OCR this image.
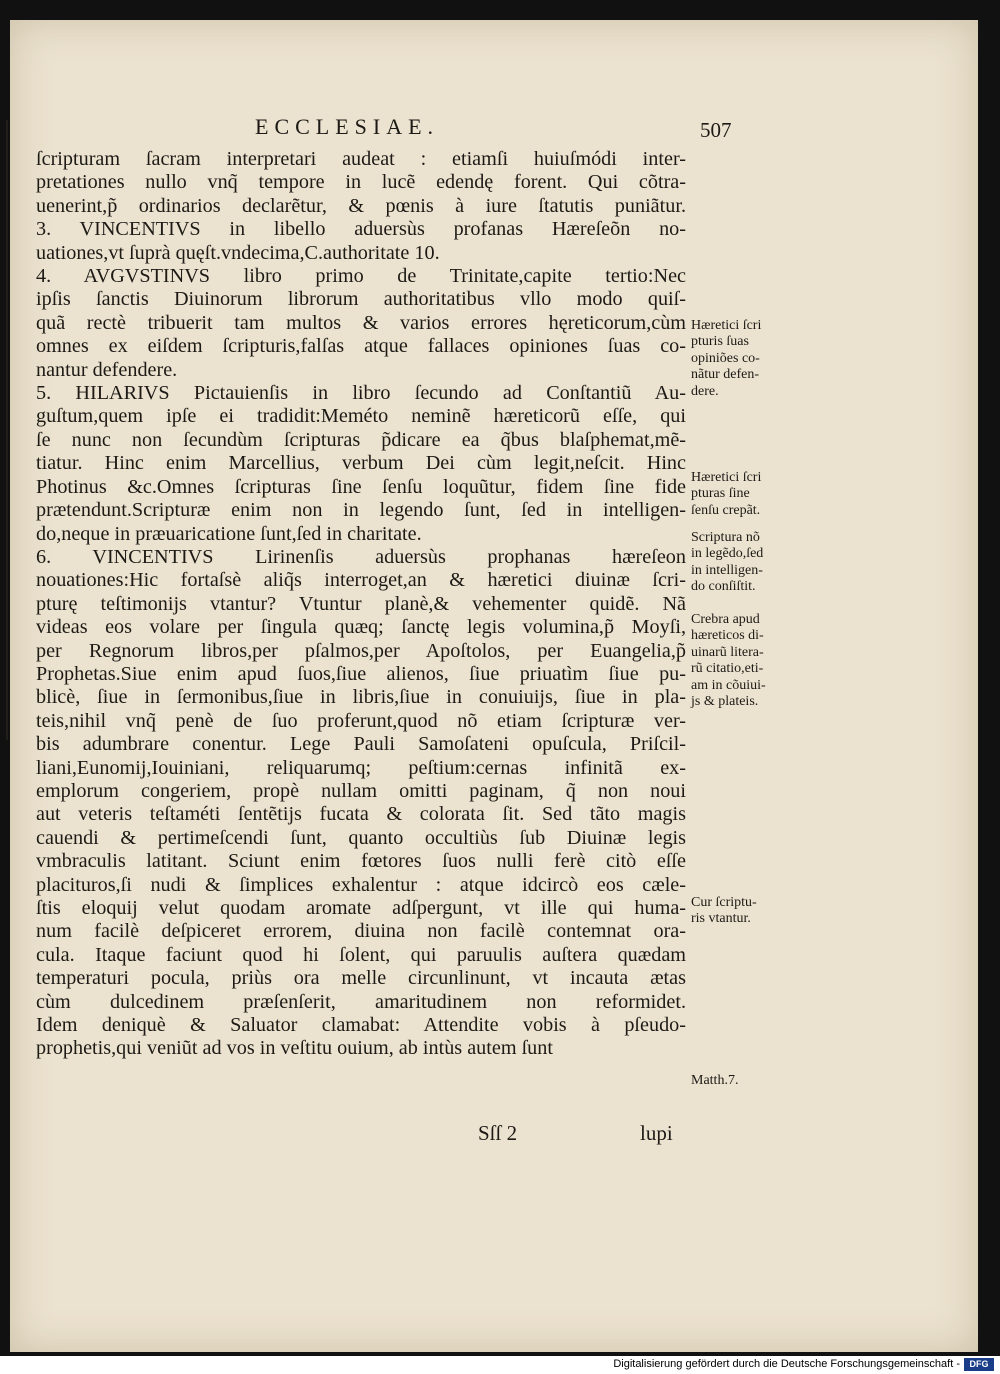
ECCLESIAE.	507
ſcripturam ſacram interpretari audeat : etiamſi huiuſmódi inter-
pretationes nullo vnq̃ tempore in lucẽ edendę forent. Qui cõtra-
uenerint,p̃ ordinarios declarẽtur, & pœnis à iure ſtatutis puniãtur.
3. VINCENTIVS in libello aduersùs profanas Hæreſeõn no-
uationes,vt ſuprà quęſt.vndecima,C.authoritate 10.
4. AVGVSTINVS libro primo de Trinitate,capite tertio:Nec
ipſis ſanctis Diuinorum librorum authoritatibus vllo modo quiſ-
quã rectè tribuerit tam multos & varios errores hęreticorum,cùm
omnes ex eiſdem ſcripturis,falſas atque fallaces opiniones ſuas co-
nantur defendere.
5. HILARIVS Pictauienſis in libro ſecundo ad Conſtantiũ Au-
guſtum,quem ipſe ei tradidit:Meméto neminẽ hæreticorũ eſſe, qui
ſe nunc non ſecundùm ſcripturas p̃dicare ea q̃bus blaſphemat,mẽ-
tiatur. Hinc enim Marcellius, verbum Dei cùm legit,neſcit. Hinc
Photinus &c.Omnes ſcripturas ſine ſenſu loquũtur, fidem ſine fide
prætendunt.Scripturæ enim non in legendo ſunt, ſed in intelligen-
do,neque in præuaricatione ſunt,ſed in charitate.
6. VINCENTIVS Lirinenſis aduersùs prophanas hæreſeon
nouationes:Hic fortaſsè aliq̃s interroget,an & hæretici diuinæ ſcri-
pturę teſtimonijs vtantur? Vtuntur planè,& vehementer quidẽ. Nã
videas eos volare per ſingula quæq; ſanctę legis volumina,p̃ Moyſi,
per Regnorum libros,per pſalmos,per Apoſtolos, per Euangelia,p̃
Prophetas.Siue enim apud ſuos,ſiue alienos, ſiue priuatìm ſiue pu-
blicè, ſiue in ſermonibus,ſiue in libris,ſiue in conuiuijs, ſiue in pla-
teis,nihil vnq̃ penè de ſuo proferunt,quod nõ etiam ſcripturæ ver-
bis adumbrare conentur. Lege Pauli Samoſateni opuſcula, Priſcil-
liani,Eunomij,Iouiniani, reliquarumq; peſtium:cernas infinitã ex-
emplorum congeriem, propè nullam omitti paginam, q̃ non noui
aut veteris teſtaméti ſentẽtijs fucata & colorata ſit. Sed tãto magis
cauendi & pertimeſcendi ſunt, quanto occultiùs ſub Diuinæ legis
vmbraculis latitant. Sciunt enim fœtores ſuos nulli ferè citò eſſe
placituros,ſi nudi & ſimplices exhalentur : atque idcircò eos cæle-
ſtis eloquij velut quodam aromate adſpergunt, vt ille qui huma-
num facilè deſpiceret errorem, diuina non facilè contemnat ora-
cula. Itaque faciunt quod hi ſolent, qui paruulis auſtera quædam
temperaturi pocula, priùs ora melle circunlinunt, vt incauta ætas
cùm dulcedinem præſenſerit, amaritudinem non reformidet.
Idem deniquè & Saluator clamabat: Attendite vobis à pſeudo-
prophetis,qui veniũt ad vos in veſtitu ouium, ab intùs autem ſunt
Hæretici ſcri
pturis ſuas
opiniões co-
nãtur defen-
dere.
Hæretici ſcri
pturas ſine
ſenſu crepãt.
Scriptura nõ
in legẽdo,ſed
in intelligen-
do conſiſtit.
Crebra apud
hæreticos di-
uinarũ litera-
rũ citatio,eti-
am in cõuiui-
js & plateis.
Cur ſcriptu-
ris vtantur.
Matth.7.
Sſſ 2	lupi
Digitalisierung gefördert durch die Deutsche Forschungsgemeinschaft -	DFG
